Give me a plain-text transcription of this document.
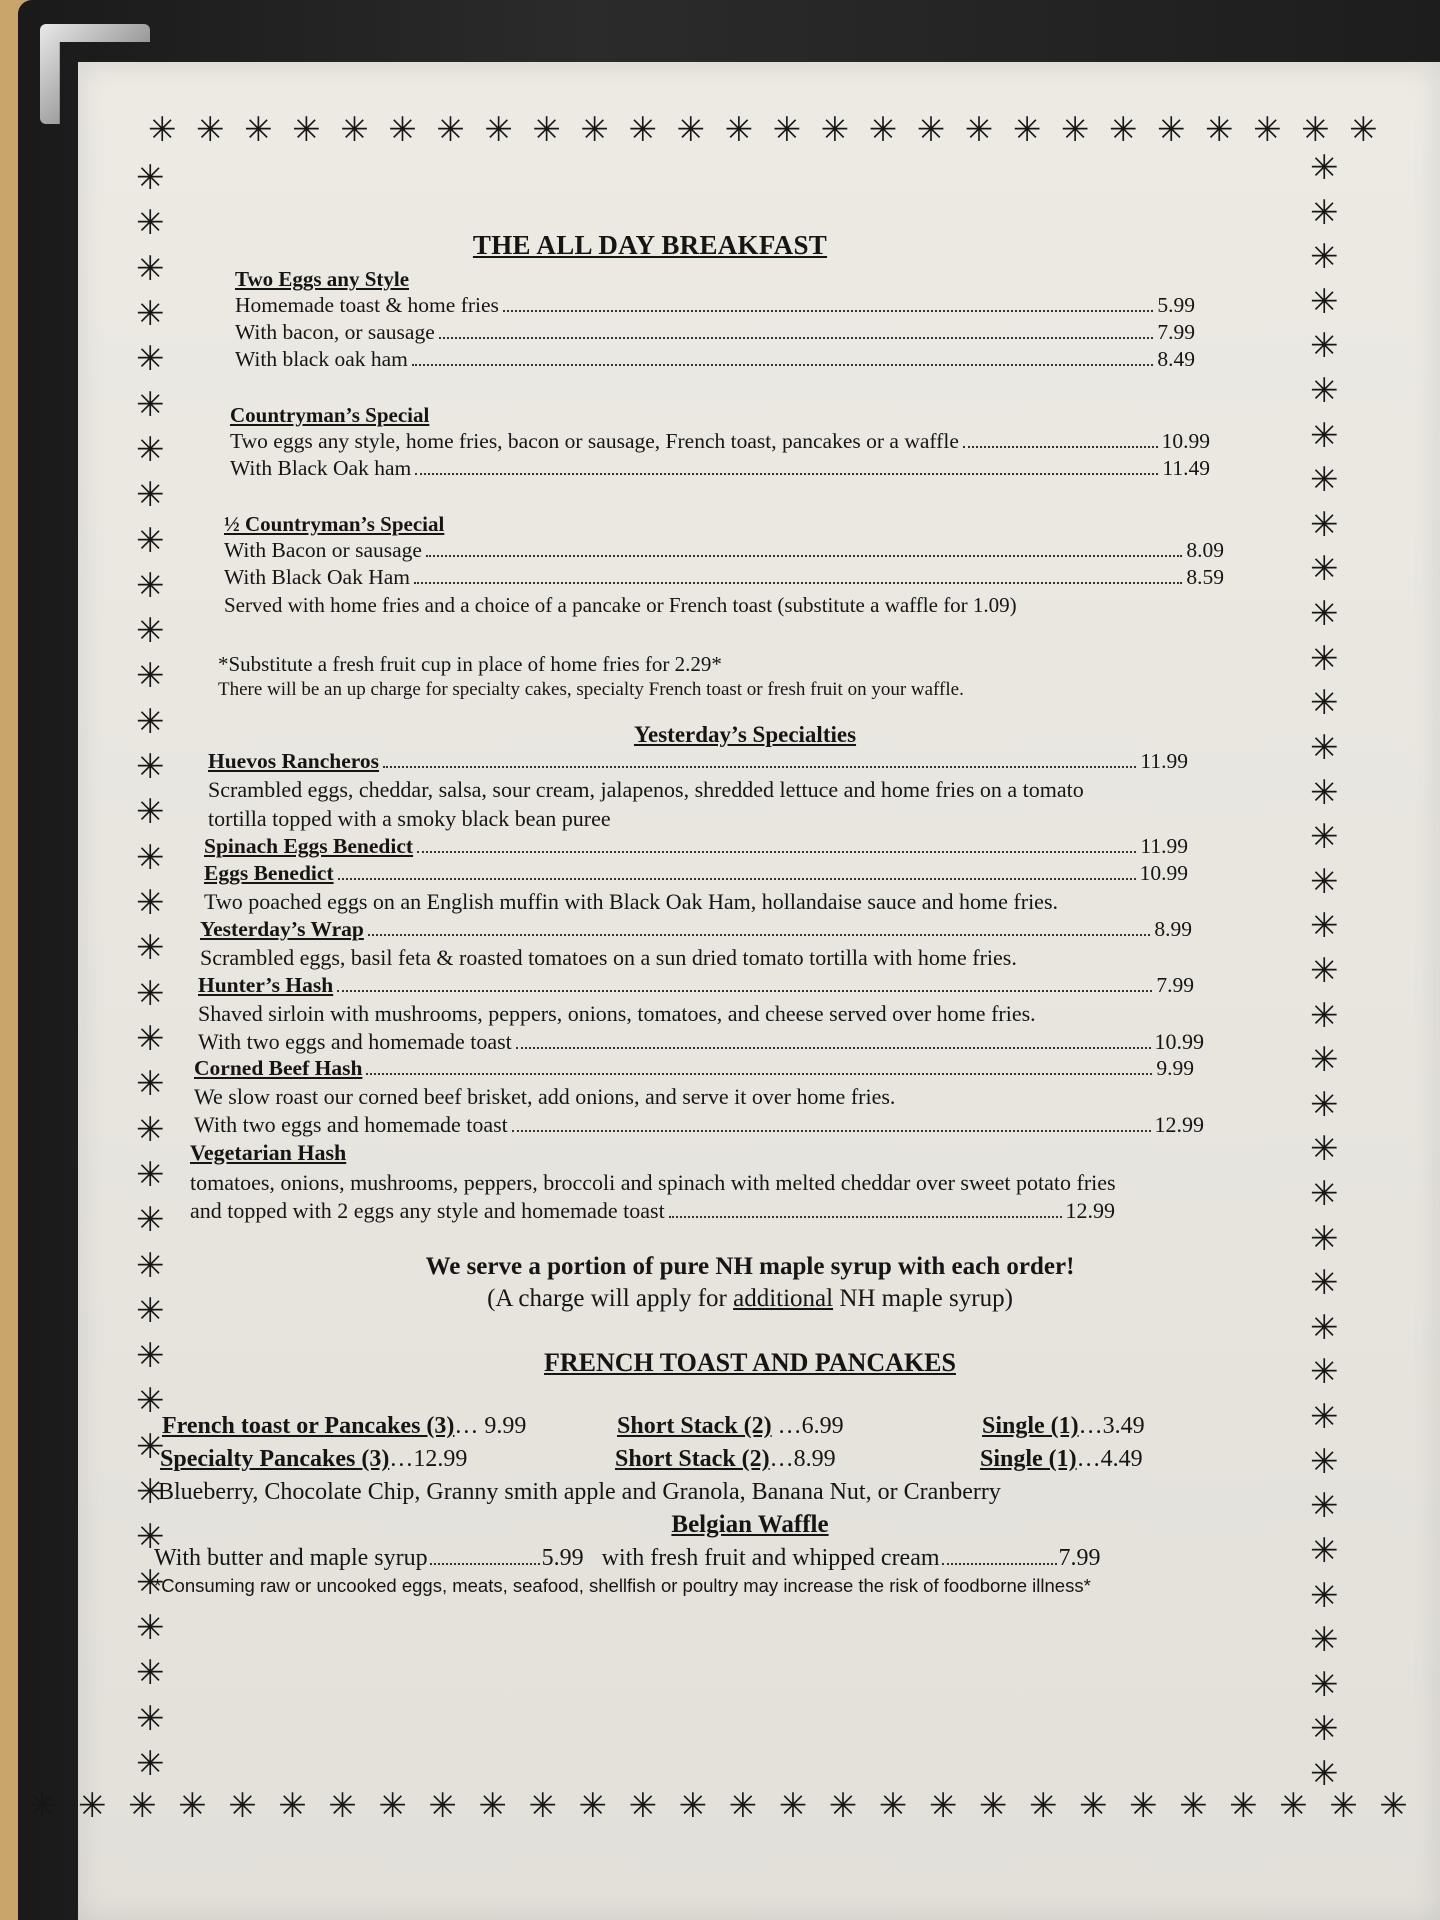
✳ ✳ ✳ ✳ ✳ ✳ ✳ ✳ ✳ ✳ ✳ ✳ ✳ ✳ ✳ ✳ ✳ ✳ ✳ ✳ ✳ ✳ ✳ ✳ ✳ ✳
✳ ✳ ✳ ✳ ✳ ✳ ✳ ✳ ✳ ✳ ✳ ✳ ✳ ✳ ✳ ✳ ✳ ✳ ✳ ✳ ✳ ✳ ✳ ✳ ✳ ✳ ✳ ✳
✳
✳
✳
✳
✳
✳
✳
✳
✳
✳
✳
✳
✳
✳
✳
✳
✳
✳
✳
✳
✳
✳
✳
✳
✳
✳
✳
✳
✳
✳
✳
✳
✳
✳
✳
✳
✳
✳
✳
✳
✳
✳
✳
✳
✳
✳
✳
✳
✳
✳
✳
✳
✳
✳
✳
✳
✳
✳
✳
✳
✳
✳
✳
✳
✳
✳
✳
✳
✳
✳
✳
✳
✳
THE ALL DAY BREAKFAST
Two Eggs any Style
Homemade toast & home fries	5.99
With bacon, or sausage	7.99
With black oak ham	8.49
Countryman’s Special
Two eggs any style, home fries, bacon or sausage, French toast, pancakes or a waffle	10.99
With Black Oak ham	11.49
½ Countryman’s Special
With Bacon or sausage	8.09
With Black Oak Ham	8.59
Served with home fries and a choice of a pancake or French toast (substitute a waffle for 1.09)
*Substitute a fresh fruit cup in place of home fries for 2.29*
There will be an up charge for specialty cakes, specialty French toast or fresh fruit on your waffle.
Yesterday’s Specialties
Huevos Rancheros	11.99
Scrambled eggs, cheddar, salsa, sour cream, jalapenos, shredded lettuce and home fries on a tomato
tortilla topped with a smoky black bean puree
Spinach Eggs Benedict	11.99
Eggs Benedict	10.99
Two poached eggs on an English muffin with Black Oak Ham, hollandaise sauce and home fries.
Yesterday’s Wrap	8.99
Scrambled eggs, basil feta & roasted tomatoes on a sun dried tomato tortilla with home fries.
Hunter’s Hash	7.99
Shaved sirloin with mushrooms, peppers, onions, tomatoes, and cheese served over home fries.
With two eggs and homemade toast	10.99
Corned Beef Hash	9.99
We slow roast our corned beef brisket, add onions, and serve it over home fries.
With two eggs and homemade toast	12.99
Vegetarian Hash
tomatoes, onions, mushrooms, peppers, broccoli and spinach with melted cheddar over sweet potato fries
and topped with 2 eggs any style and homemade toast	12.99
We serve a portion of pure NH maple syrup with each order!
(A charge will apply for additional NH maple syrup)
FRENCH TOAST AND PANCAKES
French toast or Pancakes (3)… 9.99	Short Stack (2) …6.99	Single (1)…3.49
Specialty Pancakes (3)…12.99	Short Stack (2)…8.99	Single (1)…4.49
Blueberry, Chocolate Chip, Granny smith apple and Granola, Banana Nut, or Cranberry
Belgian Waffle
With butter and maple syrup	5.99 with fresh fruit and whipped cream	7.99
*Consuming raw or uncooked eggs, meats, seafood, shellfish or poultry may increase the risk of foodborne illness*
